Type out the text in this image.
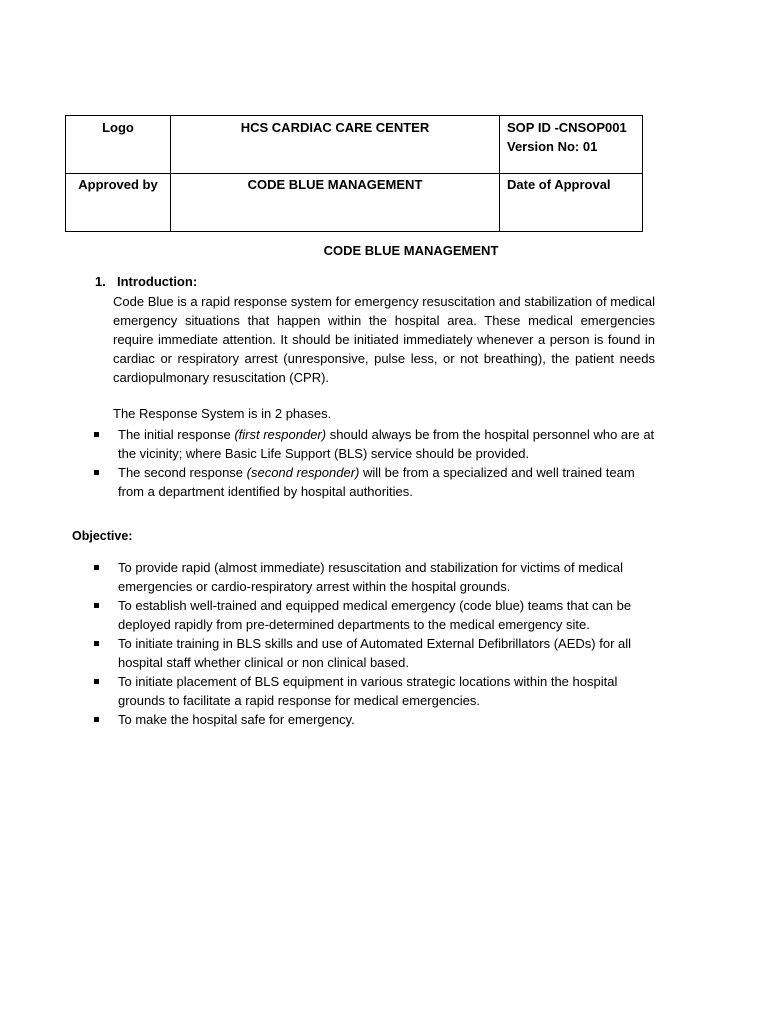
Logo	HCS CARDIAC CARE CENTER	SOP ID -CNSOP001
Version No: 01

Approved by	CODE BLUE MANAGEMENT	Date of Approval
CODE BLUE MANAGEMENT
1. Introduction:
Code Blue is a rapid response system for emergency resuscitation and stabilization of medical emergency situations that happen within the hospital area. These medical emergencies require immediate attention. It should be initiated immediately whenever a person is found in cardiac or respiratory arrest (unresponsive, pulse less, or not breathing), the patient needs cardiopulmonary resuscitation (CPR).
The Response System is in 2 phases.
The initial response (first responder) should always be from the hospital personnel who are at the vicinity; where Basic Life Support (BLS) service should be provided.
The second response (second responder) will be from a specialized and well trained team from a department identified by hospital authorities.
Objective:
To provide rapid (almost immediate) resuscitation and stabilization for victims of medical emergencies or cardio-respiratory arrest within the hospital grounds.
To establish well-trained and equipped medical emergency (code blue) teams that can be deployed rapidly from pre-determined departments to the medical emergency site.
To initiate training in BLS skills and use of Automated External Defibrillators (AEDs) for all hospital staff whether clinical or non clinical based.
To initiate placement of BLS equipment in various strategic locations within the hospital grounds to facilitate a rapid response for medical emergencies.
To make the hospital safe for emergency.
